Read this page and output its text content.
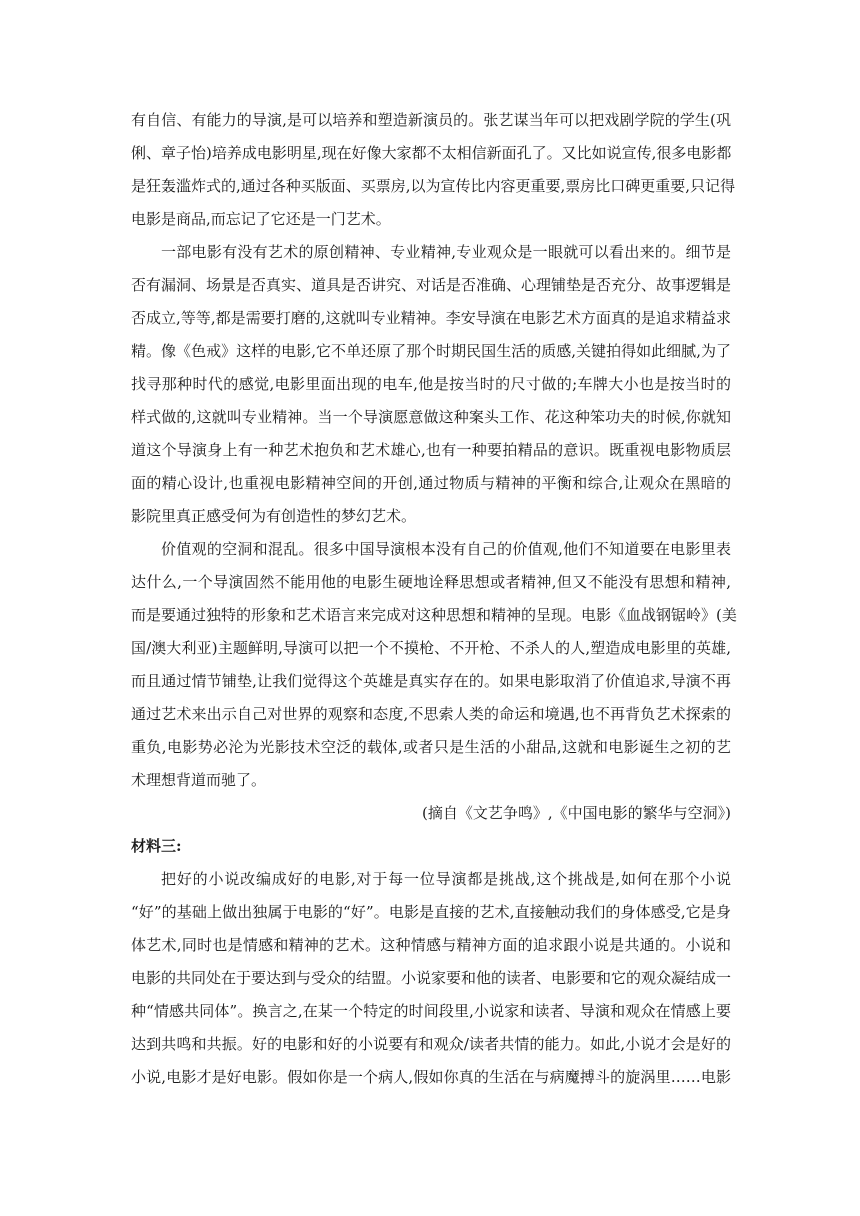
有自信、有能力的导演,是可以培养和塑造新演员的。张艺谋当年可以把戏剧学院的学生(巩
俐、章子怡)培养成电影明星,现在好像大家都不太相信新面孔了。又比如说宣传,很多电影都
是狂轰滥炸式的,通过各种买版面、买票房,以为宣传比内容更重要,票房比口碑更重要,只记得
电影是商品,而忘记了它还是一门艺术。
一部电影有没有艺术的原创精神、专业精神,专业观众是一眼就可以看出来的。细节是
否有漏洞、场景是否真实、道具是否讲究、对话是否准确、心理铺垫是否充分、故事逻辑是
否成立,等等,都是需要打磨的,这就叫专业精神。李安导演在电影艺术方面真的是追求精益求
精。像《色戒》这样的电影,它不单还原了那个时期民国生活的质感,关键拍得如此细腻,为了
找寻那种时代的感觉,电影里面出现的电车,他是按当时的尺寸做的;车牌大小也是按当时的
样式做的,这就叫专业精神。当一个导演愿意做这种案头工作、花这种笨功夫的时候,你就知
道这个导演身上有一种艺术抱负和艺术雄心,也有一种要拍精品的意识。既重视电影物质层
面的精心设计,也重视电影精神空间的开创,通过物质与精神的平衡和综合,让观众在黑暗的
影院里真正感受何为有创造性的梦幻艺术。
价值观的空洞和混乱。很多中国导演根本没有自己的价值观,他们不知道要在电影里表
达什么,一个导演固然不能用他的电影生硬地诠释思想或者精神,但又不能没有思想和精神,
而是要通过独特的形象和艺术语言来完成对这种思想和精神的呈现。电影《血战钢锯岭》(美
国/澳大利亚)主题鲜明,导演可以把一个不摸枪、不开枪、不杀人的人,塑造成电影里的英雄,
而且通过情节铺垫,让我们觉得这个英雄是真实存在的。如果电影取消了价值追求,导演不再
通过艺术来出示自己对世界的观察和态度,不思索人类的命运和境遇,也不再背负艺术探索的
重负,电影势必沦为光影技术空泛的载体,或者只是生活的小甜品,这就和电影诞生之初的艺
术理想背道而驰了。
(摘自《文艺争鸣》,《中国电影的繁华与空洞》)
材料三:
把好的小说改编成好的电影,对于每一位导演都是挑战,这个挑战是,如何在那个小说
“好”的基础上做出独属于电影的“好”。电影是直接的艺术,直接触动我们的身体感受,它是身
体艺术,同时也是情感和精神的艺术。这种情感与精神方面的追求跟小说是共通的。小说和
电影的共同处在于要达到与受众的结盟。小说家要和他的读者、电影要和它的观众凝结成一
种“情感共同体”。换言之,在某一个特定的时间段里,小说家和读者、导演和观众在情感上要
达到共鸣和共振。好的电影和好的小说要有和观众/读者共情的能力。如此,小说才会是好的
小说,电影才是好电影。假如你是一个病人,假如你真的生活在与病魔搏斗的旋涡里……电影
